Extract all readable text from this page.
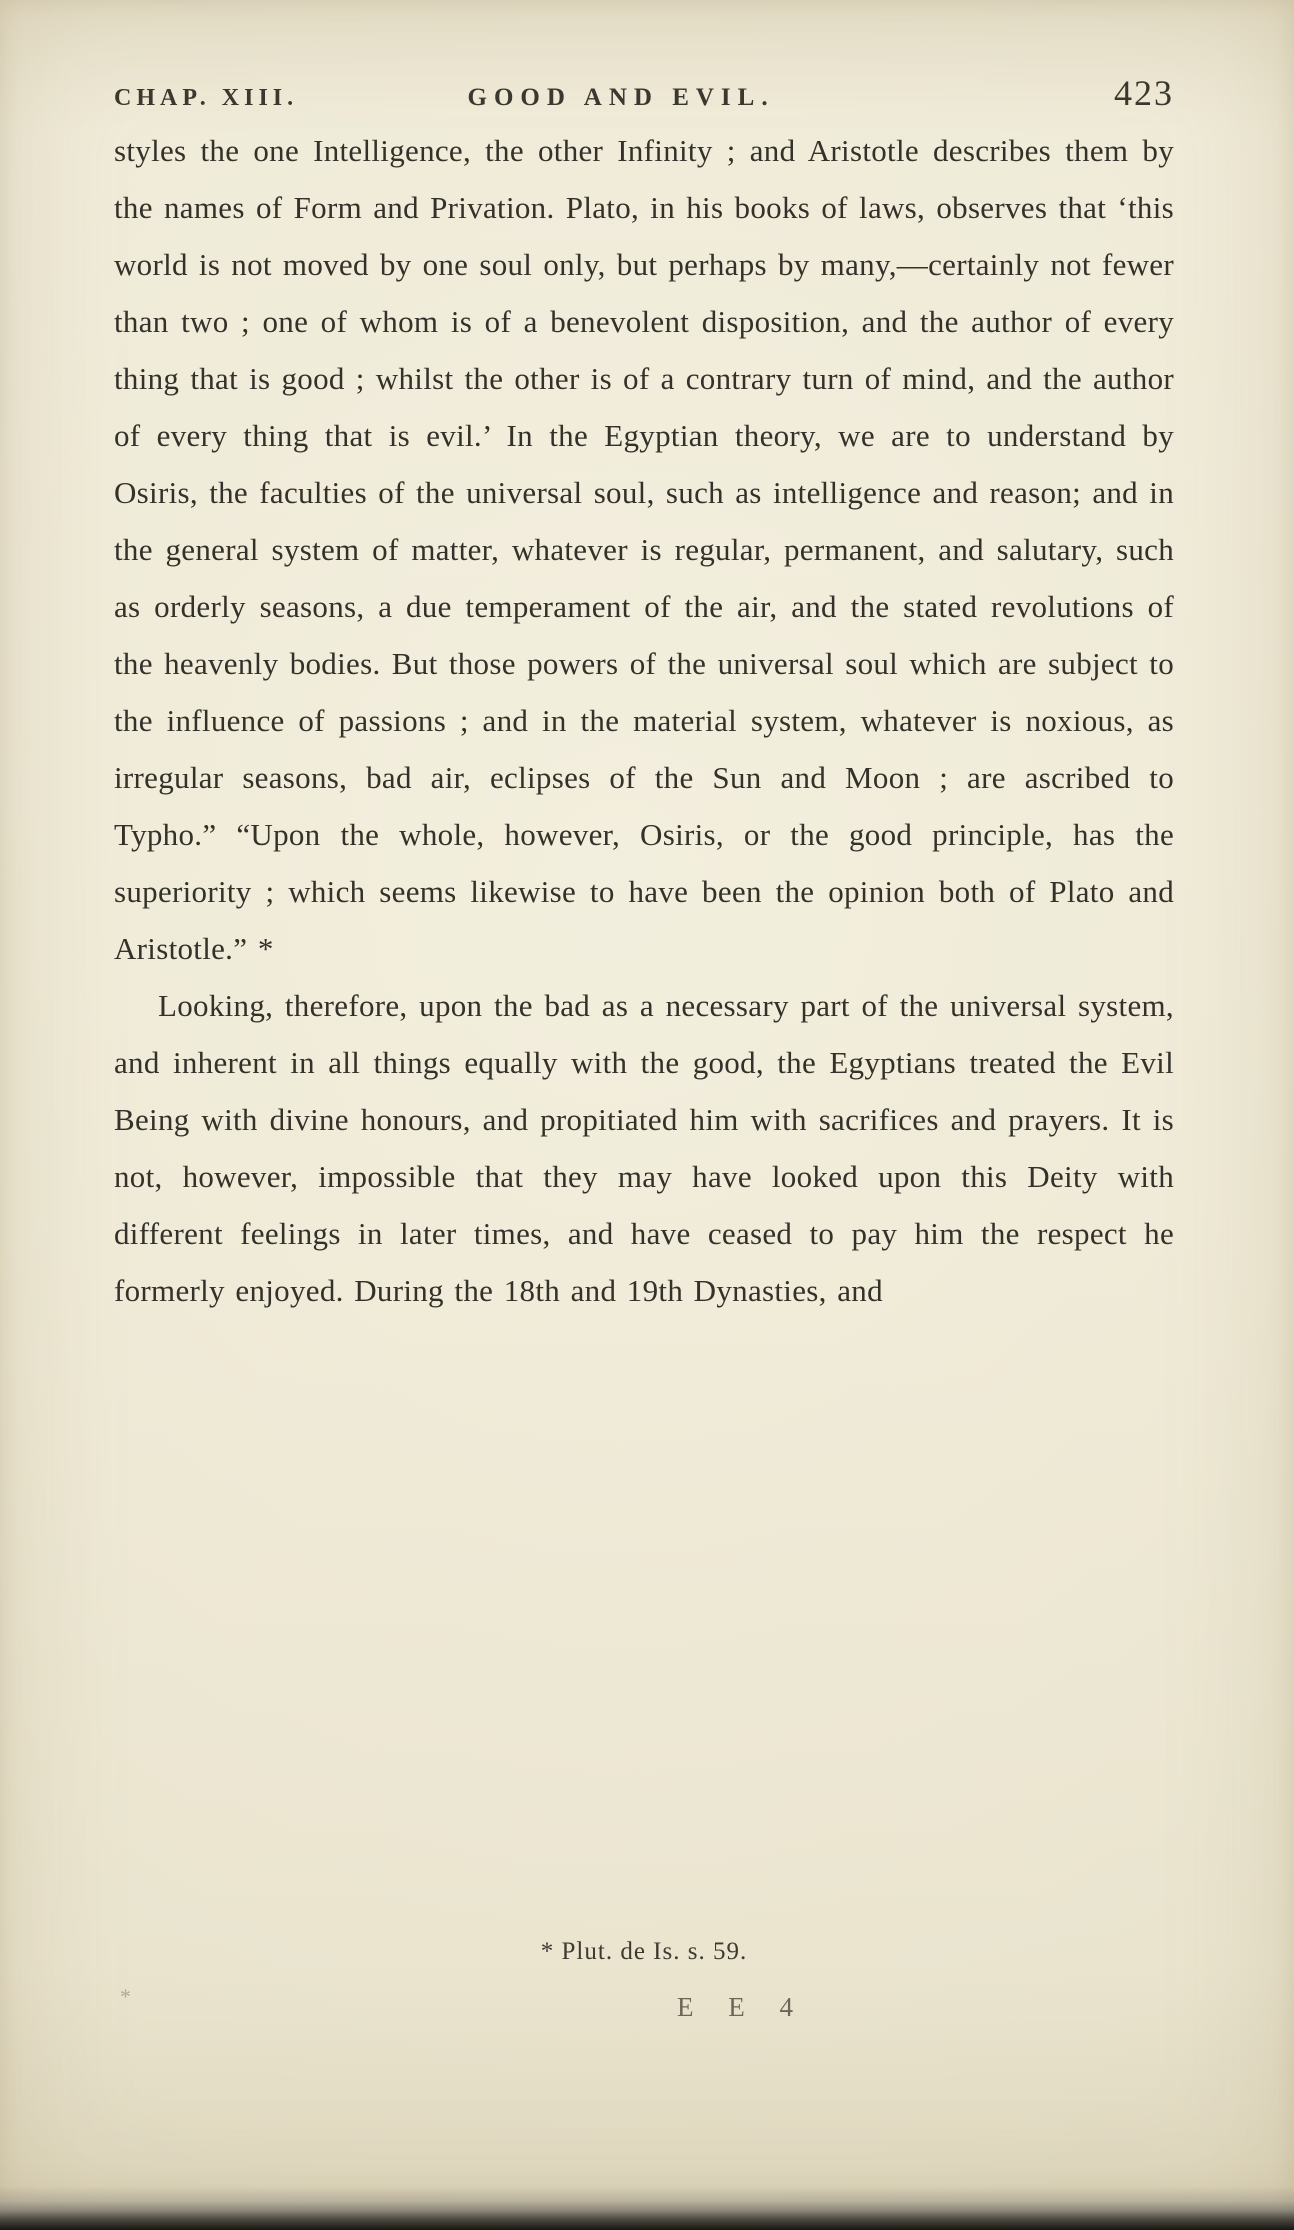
CHAP. XIII.	GOOD AND EVIL.	423

styles the one Intelligence, the other Infinity ; and Aristotle describes them by the names of Form and Privation. Plato, in his books of laws, observes that ‘this world is not moved by one soul only, but perhaps by many,—certainly not fewer than two ; one of whom is of a benevolent disposition, and the author of every thing that is good ; whilst the other is of a contrary turn of mind, and the author of every thing that is evil.’ In the Egyptian theory, we are to understand by Osiris, the faculties of the universal soul, such as intelligence and reason; and in the general system of matter, whatever is regular, permanent, and salutary, such as orderly seasons, a due temperament of the air, and the stated revolutions of the heavenly bodies. But those powers of the universal soul which are subject to the influence of passions ; and in the material system, whatever is noxious, as irregular seasons, bad air, eclipses of the Sun and Moon ; are ascribed to Typho.” “Upon the whole, however, Osiris, or the good principle, has the superiority ; which seems likewise to have been the opinion both of Plato and Aristotle.” *

Looking, therefore, upon the bad as a necessary part of the universal system, and inherent in all things equally with the good, the Egyptians treated the Evil Being with divine honours, and propitiated him with sacrifices and prayers. It is not, however, impossible that they may have looked upon this Deity with different feelings in later times, and have ceased to pay him the respect he formerly enjoyed. During the 18th and 19th Dynasties, and

* Plut. de Is. s. 59.
*	E E 4
